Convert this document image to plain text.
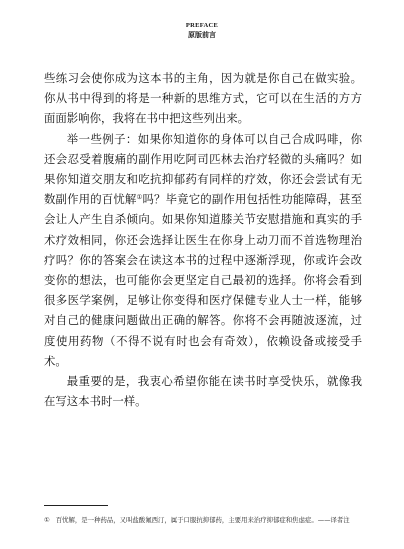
PREFACE
原版前言

些练习会使你成为这本书的主角，因为就是你自己在做实验。你从书中得到的将是一种新的思维方式，它可以在生活的方方面面影响你，我将在书中把这些列出来。

举一些例子：如果你知道你的身体可以自己合成吗啡，你还会忍受着腹痛的副作用吃阿司匹林去治疗轻微的头痛吗？如果你知道交朋友和吃抗抑郁药有同样的疗效，你还会尝试有无数副作用的百忧解①吗？毕竟它的副作用包括性功能障碍，甚至会让人产生自杀倾向。如果你知道膝关节安慰措施和真实的手术疗效相同，你还会选择让医生在你身上动刀而不首选物理治疗吗？你的答案会在读这本书的过程中逐渐浮现，你或许会改变你的想法，也可能你会更坚定自己最初的选择。你将会看到很多医学案例，足够让你变得和医疗保健专业人士一样，能够对自己的健康问题做出正确的解答。你将不会再随波逐流，过度使用药物（不得不说有时也会有奇效），依赖设备或接受手术。

最重要的是，我衷心希望你能在读书时享受快乐，就像我在写这本书时一样。

① 百忧解，是一种药品，又叫盐酸氟西汀，属于口服抗抑郁药，主要用来治疗抑郁症和焦虑症。——译者注
